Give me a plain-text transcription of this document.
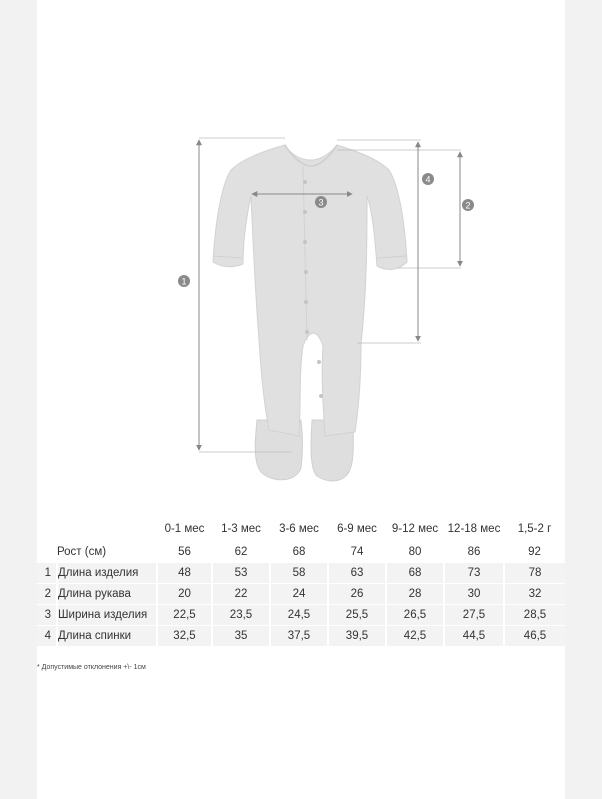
1
2
3
4
		0-1 мес	1-3 мес	3-6 мес	6-9 мес	9-12 мес	12-18 мес	1,5-2 г
	Рост (см)	56	62	68	74	80	86	92
1	Длина изделия	48	53	58	63	68	73	78
2	Длина рукава	20	22	24	26	28	30	32
3	Ширина изделия	22,5	23,5	24,5	25,5	26,5	27,5	28,5
4	Длина спинки	32,5	35	37,5	39,5	42,5	44,5	46,5
* Допустимые отклонения +\- 1см
